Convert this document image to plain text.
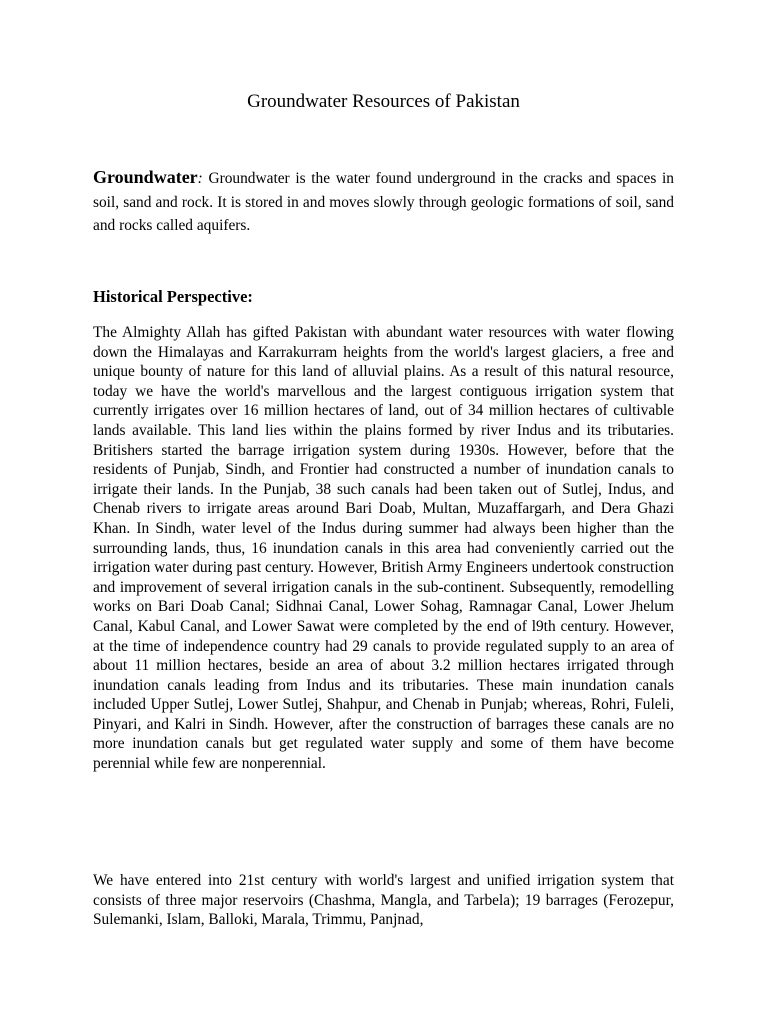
Groundwater Resources of Pakistan

Groundwater: Groundwater is the water found underground in the cracks and spaces in soil, sand and rock. It is stored in and moves slowly through geologic formations of soil, sand and rocks called aquifers.

Historical Perspective:

The Almighty Allah has gifted Pakistan with abundant water resources with water flowing down the Himalayas and Karrakurram heights from the world's largest glaciers, a free and unique bounty of nature for this land of alluvial plains. As a result of this natural resource, today we have the world's marvellous and the largest contiguous irrigation system that currently irrigates over 16 million hectares of land, out of 34 million hectares of cultivable lands available. This land lies within the plains formed by river Indus and its tributaries. Britishers started the barrage irrigation system during 1930s. However, before that the residents of Punjab, Sindh, and Frontier had constructed a number of inundation canals to irrigate their lands. In the Punjab, 38 such canals had been taken out of Sutlej, Indus, and Chenab rivers to irrigate areas around Bari Doab, Multan, Muzaffargarh, and Dera Ghazi Khan. In Sindh, water level of the Indus during summer had always been higher than the surrounding lands, thus, 16 inundation canals in this area had conveniently carried out the irrigation water during past century. However, British Army Engineers undertook construction and improvement of several irrigation canals in the sub-continent. Subsequently, remodelling works on Bari Doab Canal; Sidhnai Canal, Lower Sohag, Ramnagar Canal, Lower Jhelum Canal, Kabul Canal, and Lower Sawat were completed by the end of l9th century. However, at the time of independence country had 29 canals to provide regulated supply to an area of about 11 million hectares, beside an area of about 3.2 million hectares irrigated through inundation canals leading from Indus and its tributaries. These main inundation canals included Upper Sutlej, Lower Sutlej, Shahpur, and Chenab in Punjab; whereas, Rohri, Fuleli, Pinyari, and Kalri in Sindh. However, after the construction of barrages these canals are no more inundation canals but get regulated water supply and some of them have become perennial while few are nonperennial.

We have entered into 21st century with world's largest and unified irrigation system that consists of three major reservoirs (Chashma, Mangla, and Tarbela); 19 barrages (Ferozepur, Sulemanki, Islam, Balloki, Marala, Trimmu, Panjnad,
